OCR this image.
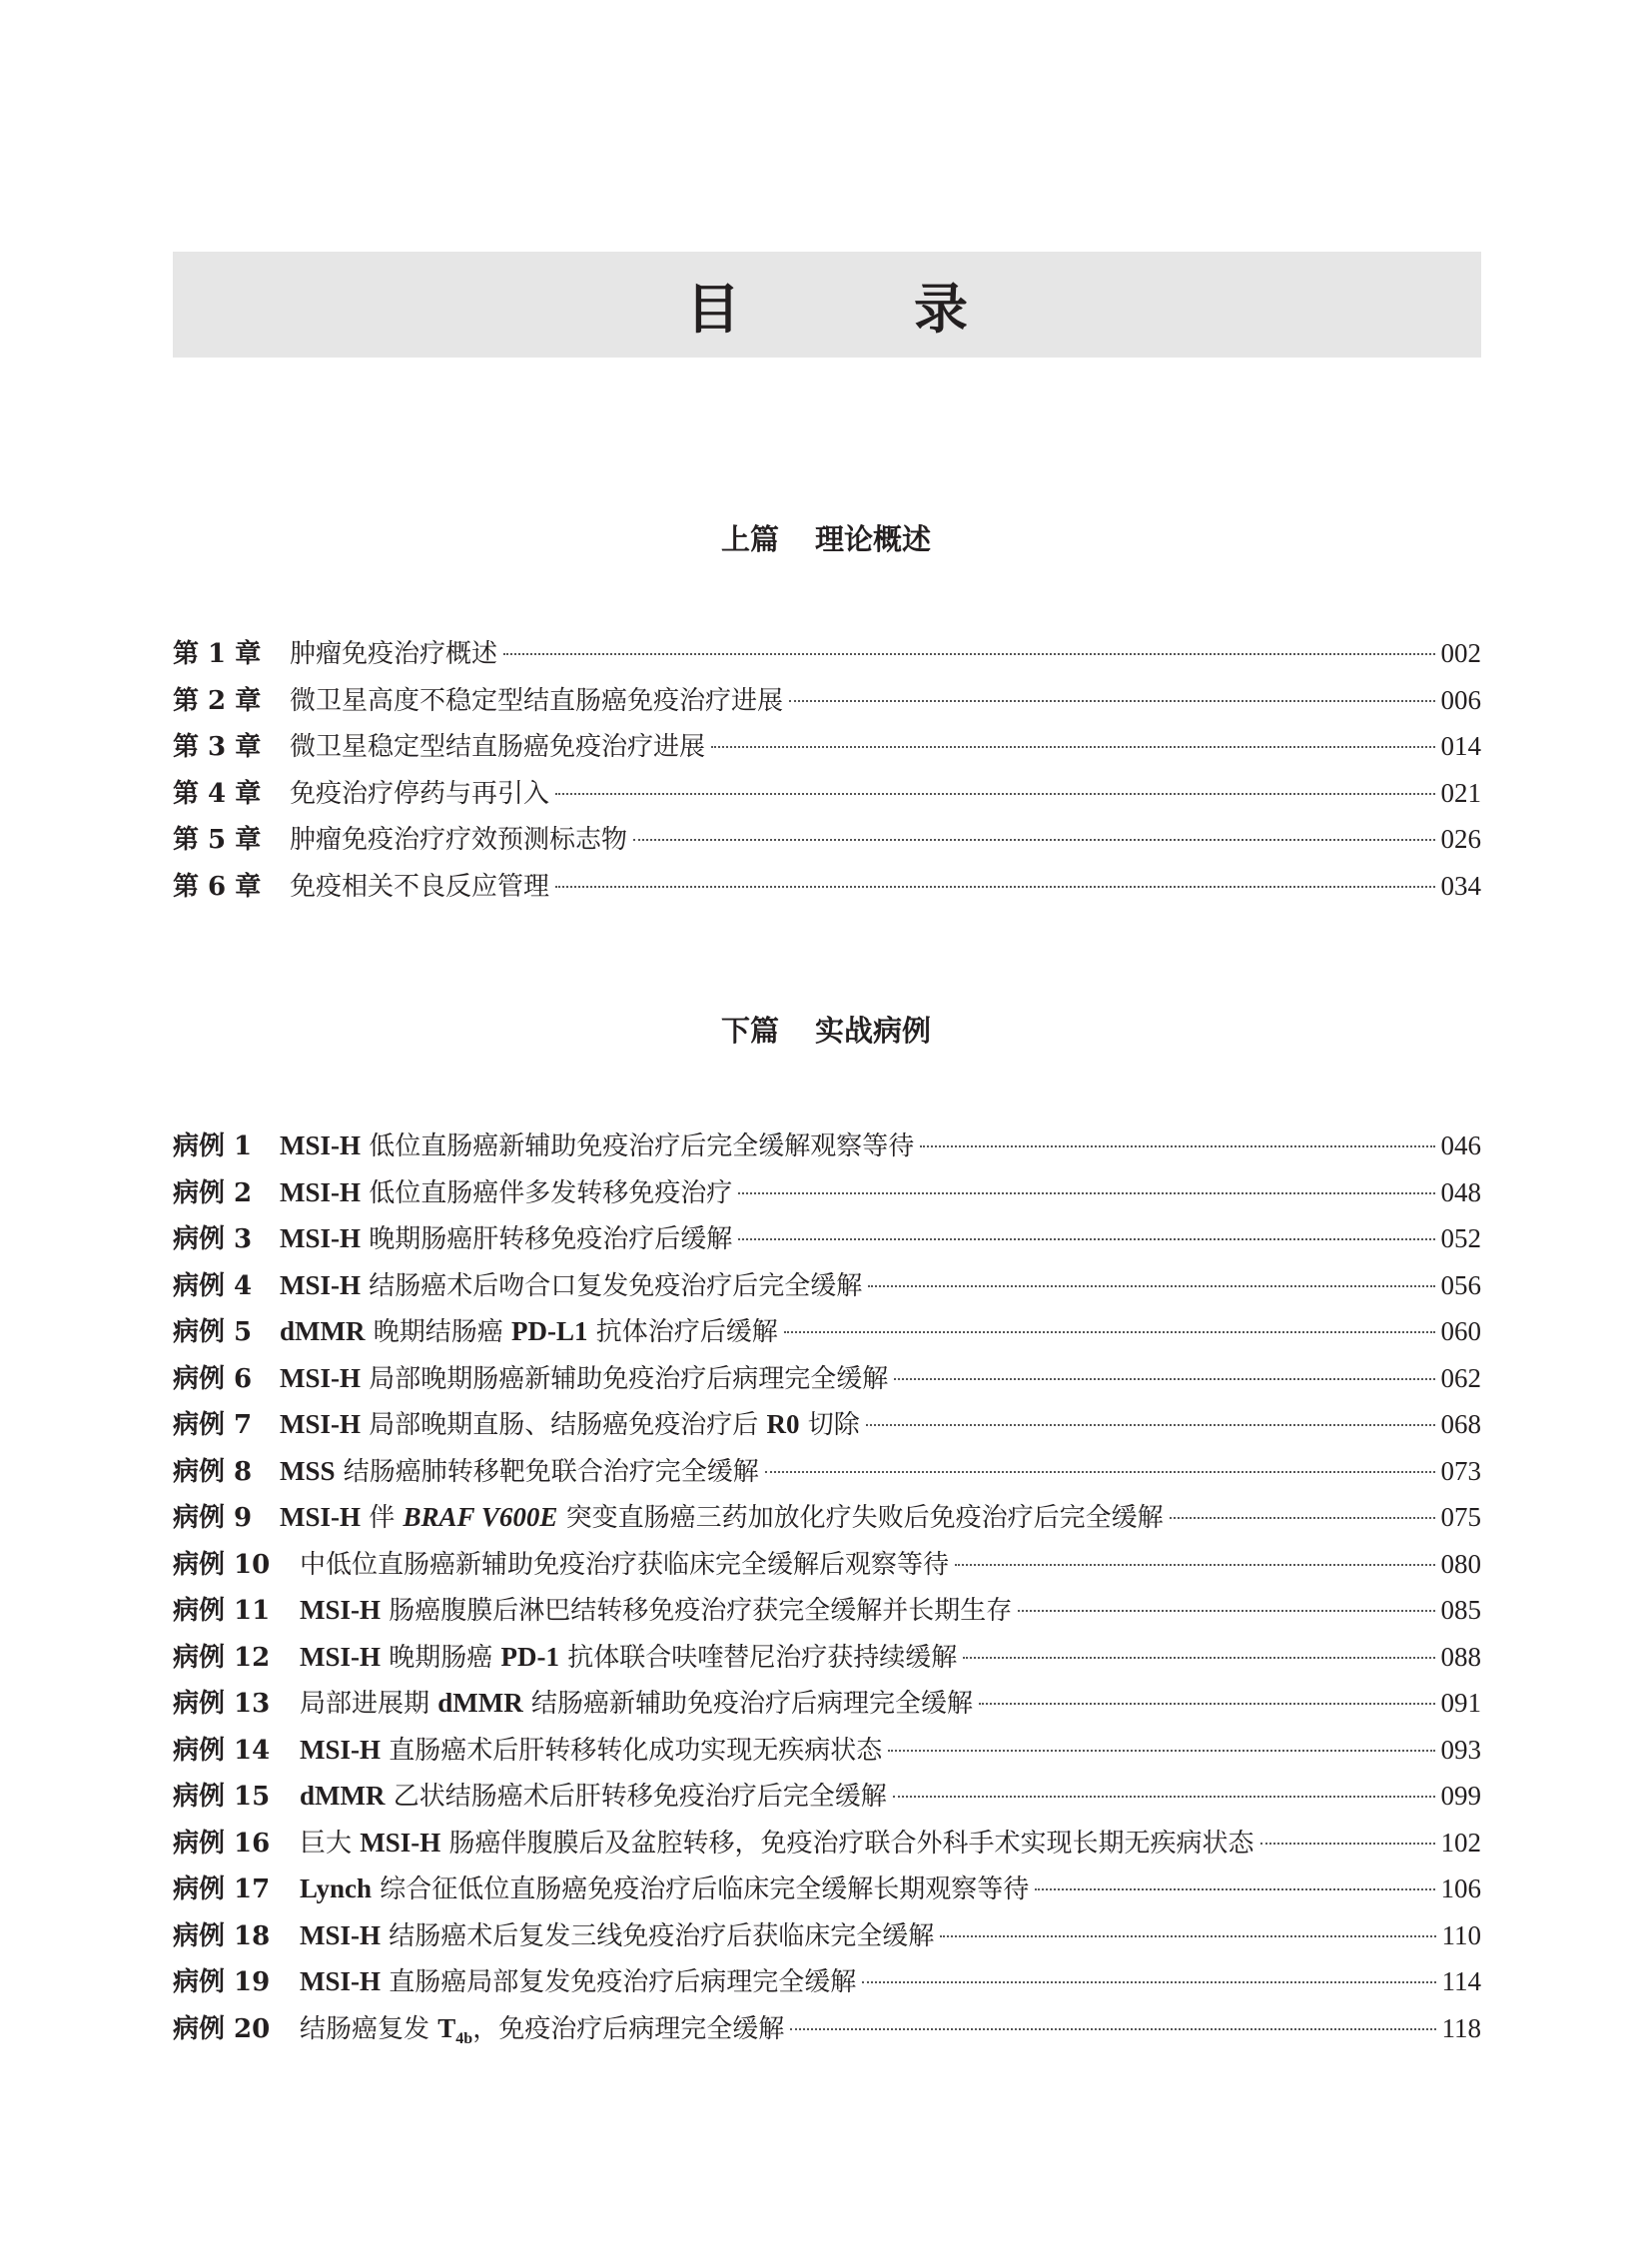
目　录
上篇 理论概述
第 1 章	肿瘤免疫治疗概述	002
第 2 章	微卫星高度不稳定型结直肠癌免疫治疗进展	006
第 3 章	微卫星稳定型结直肠癌免疫治疗进展	014
第 4 章	免疫治疗停药与再引入	021
第 5 章	肿瘤免疫治疗疗效预测标志物	026
第 6 章	免疫相关不良反应管理	034
下篇 实战病例
病例 1	MSI-H 低位直肠癌新辅助免疫治疗后完全缓解观察等待	046
病例 2	MSI-H 低位直肠癌伴多发转移免疫治疗	048
病例 3	MSI-H 晚期肠癌肝转移免疫治疗后缓解	052
病例 4	MSI-H 结肠癌术后吻合口复发免疫治疗后完全缓解	056
病例 5	dMMR 晚期结肠癌 PD-L1 抗体治疗后缓解	060
病例 6	MSI-H 局部晚期肠癌新辅助免疫治疗后病理完全缓解	062
病例 7	MSI-H 局部晚期直肠、结肠癌免疫治疗后 R0 切除	068
病例 8	MSS 结肠癌肺转移靶免联合治疗完全缓解	073
病例 9	MSI-H 伴 BRAF V600E 突变直肠癌三药加放化疗失败后免疫治疗后完全缓解	075
病例 10	中低位直肠癌新辅助免疫治疗获临床完全缓解后观察等待	080
病例 11	MSI-H 肠癌腹膜后淋巴结转移免疫治疗获完全缓解并长期生存	085
病例 12	MSI-H 晚期肠癌 PD-1 抗体联合呋喹替尼治疗获持续缓解	088
病例 13	局部进展期 dMMR 结肠癌新辅助免疫治疗后病理完全缓解	091
病例 14	MSI-H 直肠癌术后肝转移转化成功实现无疾病状态	093
病例 15	dMMR 乙状结肠癌术后肝转移免疫治疗后完全缓解	099
病例 16	巨大 MSI-H 肠癌伴腹膜后及盆腔转移，免疫治疗联合外科手术实现长期无疾病状态	102
病例 17	Lynch 综合征低位直肠癌免疫治疗后临床完全缓解长期观察等待	106
病例 18	MSI-H 结肠癌术后复发三线免疫治疗后获临床完全缓解	110
病例 19	MSI-H 直肠癌局部复发免疫治疗后病理完全缓解	114
病例 20	结肠癌复发 $T_{4b}$，免疫治疗后病理完全缓解	118
